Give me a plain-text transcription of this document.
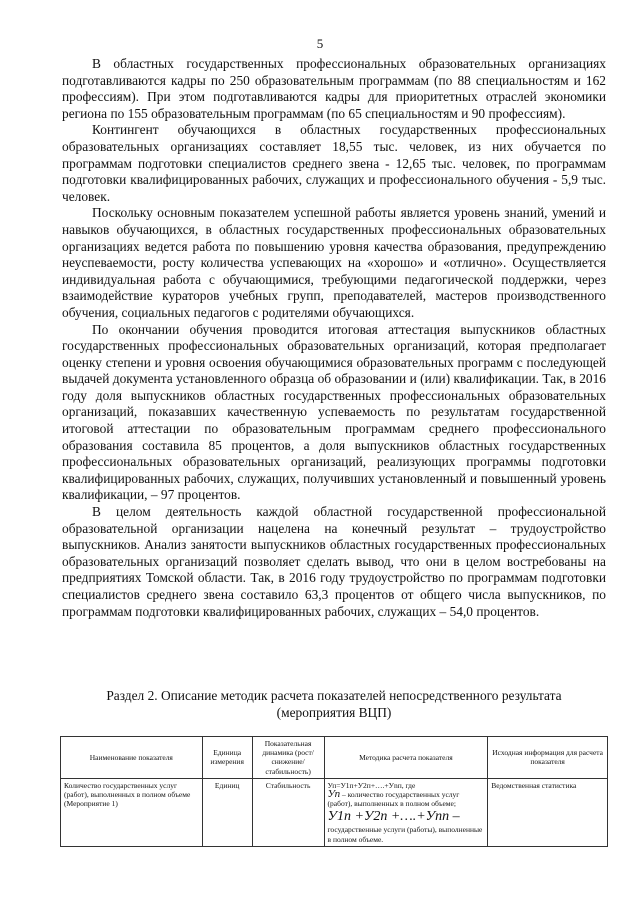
5

В областных государственных профессиональных образовательных организациях подготавливаются кадры по 250 образовательным программам (по 88 специальностям и 162 профессиям). При этом подготавливаются кадры для приоритетных отраслей экономики региона по 155 образовательным программам (по 65 специальностям и 90 профессиям).

Контингент обучающихся в областных государственных профессиональных образовательных организациях составляет 18,55 тыс. человек, из них обучается по программам подготовки специалистов среднего звена - 12,65 тыс. человек, по программам подготовки квалифицированных рабочих, служащих и профессионального обучения - 5,9 тыс. человек.

Поскольку основным показателем успешной работы является уровень знаний, умений и навыков обучающихся, в областных государственных профессиональных образовательных организациях ведется работа по повышению уровня качества образования, предупреждению неуспеваемости, росту количества успевающих на «хорошо» и «отлично». Осуществляется индивидуальная работа с обучающимися, требующими педагогической поддержки, через взаимодействие кураторов учебных групп, преподавателей, мастеров производственного обучения, социальных педагогов с родителями обучающихся.

По окончании обучения проводится итоговая аттестация выпускников областных государственных профессиональных образовательных организаций, которая предполагает оценку степени и уровня освоения обучающимися образовательных программ с последующей выдачей документа установленного образца об образовании и (или) квалификации. Так, в 2016 году доля выпускников областных государственных профессиональных образовательных организаций, показавших качественную успеваемость по результатам государственной итоговой аттестации по образовательным программам среднего профессионального образования составила 85 процентов, а доля выпускников областных государственных профессиональных образовательных организаций, реализующих программы подготовки квалифицированных рабочих, служащих, получивших установленный и повышенный уровень квалификации, – 97 процентов.

В целом деятельность каждой областной государственной профессиональной образовательной организации нацелена на конечный результат – трудоустройство выпускников. Анализ занятости выпускников областных государственных профессиональных образовательных организаций позволяет сделать вывод, что они в целом востребованы на предприятиях Томской области. Так, в 2016 году трудоустройство по программам подготовки специалистов среднего звена составило 63,3 процентов от общего числа выпускников, по программам подготовки квалифицированных рабочих, служащих – 54,0 процентов.

Раздел 2. Описание методик расчета показателей непосредственного результата
(мероприятия ВЦП)
Наименование показателя	Единица измерения	Показательная динамика (рост/снижение/ стабильность)	Методика расчета показателя	Исходная информация для расчета показателя
Количество государственных услуг (работ), выполненных в полном объеме (Мероприятие 1)	Единиц	Стабильность	Уп=У1п+У2п+….+Уnп, где
Уп – количество государственных услуг (работ), выполненных в полном объеме;
У1п +У2п +….+Уnп –
государственные услуги (работы), выполненные в полном объеме.	Ведомственная статистика
